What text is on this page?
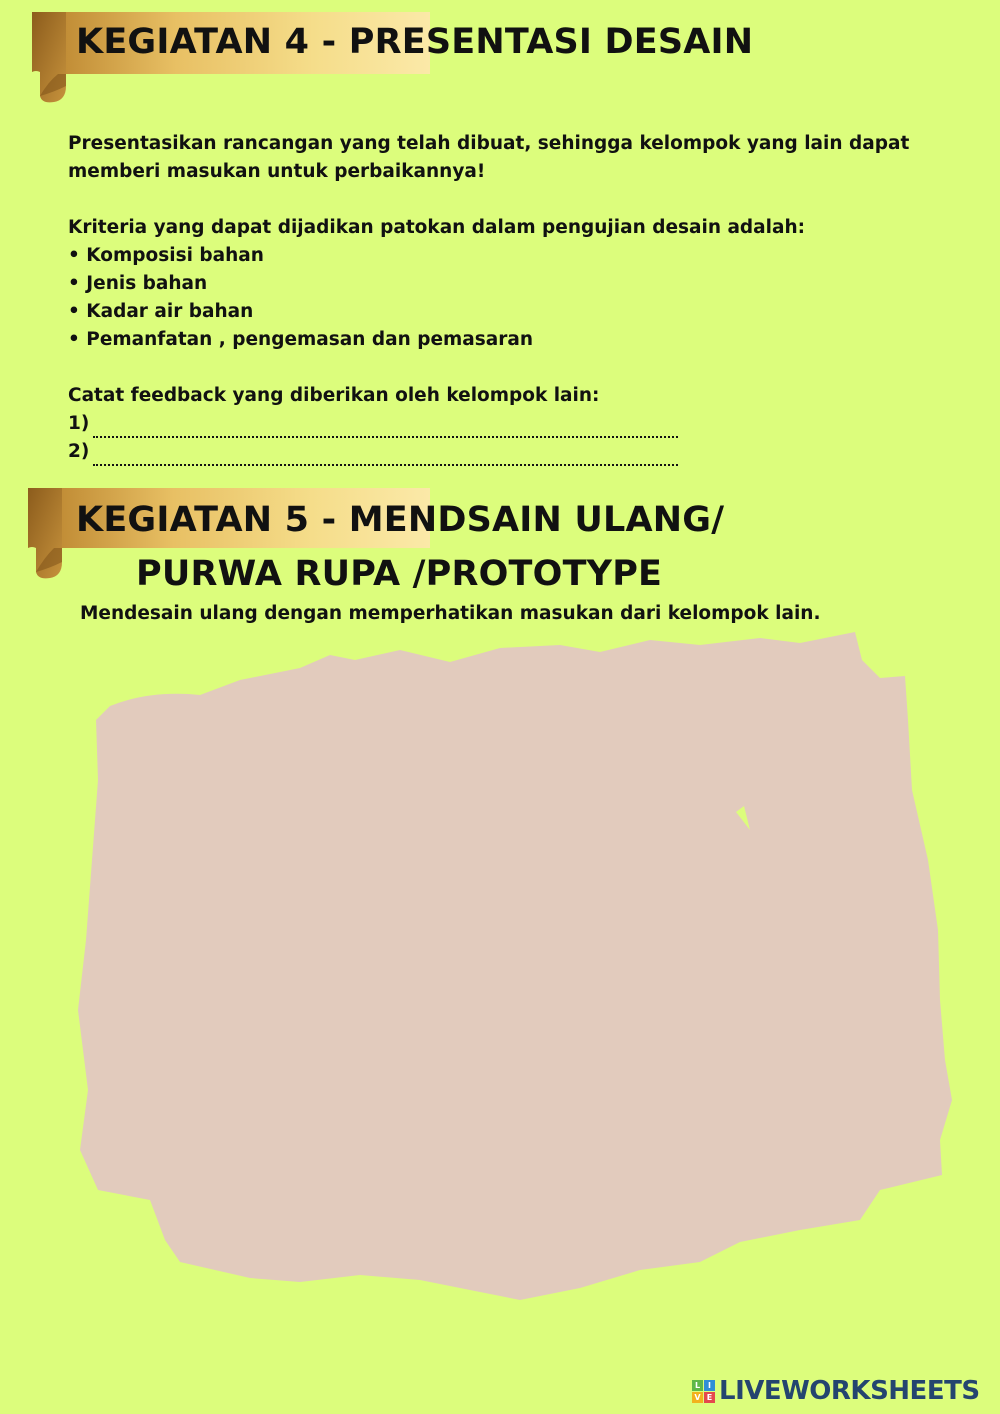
KEGIATAN 4 - PRESENTASI DESAIN

Presentasikan rancangan yang telah dibuat, sehingga kelompok yang lain dapat

memberi masukan untuk perbaikannya!

Kriteria yang dapat dijadikan patokan dalam pengujian desain adalah:

• Komposisi bahan

• Jenis bahan

• Kadar air bahan

• Pemanfatan , pengemasan dan pemasaran

Catat feedback yang diberikan oleh kelompok lain:

1)
2)
KEGIATAN 5 - MENDSAIN ULANG/
PURWA RUPA /PROTOTYPE
Mendesain ulang dengan memperhatikan masukan dari kelompok lain.
L I
V E LIVEWORKSHEETS
